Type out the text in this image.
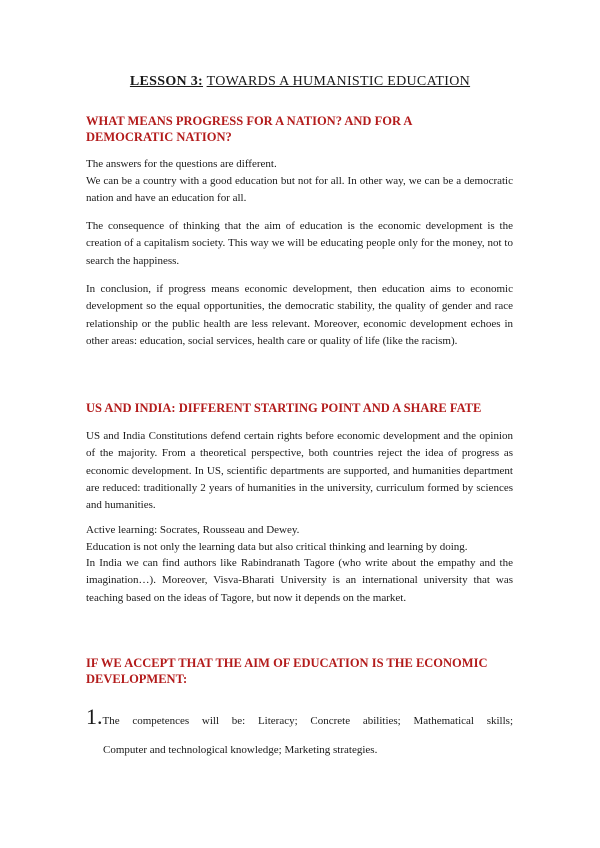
LESSON 3: TOWARDS A HUMANISTIC EDUCATION
WHAT MEANS PROGRESS FOR A NATION? AND FOR A
DEMOCRATIC NATION?
The answers for the questions are different.

We can be a country with a good education but not for all. In other way, we can be a democratic nation and have an education for all.

The consequence of thinking that the aim of education is the economic development is the creation of a capitalism society. This way we will be educating people only for the money, not to search the happiness.

In conclusion, if progress means economic development, then education aims to economic development so the equal opportunities, the democratic stability, the quality of gender and race relationship or the public health are less relevant. Moreover, economic development echoes in other areas: education, social services, health care or quality of life (like the racism).

US AND INDIA: DIFFERENT STARTING POINT AND A SHARE FATE

US and India Constitutions defend certain rights before economic development and the opinion of the majority. From a theoretical perspective, both countries reject the idea of progress as economic development. In US, scientific departments are supported, and humanities department are reduced: traditionally 2 years of humanities in the university, curriculum formed by sciences and humanities.

Active learning: Socrates, Rousseau and Dewey.
Education is not only the learning data but also critical thinking and learning by doing.

In India we can find authors like Rabindranath Tagore (who write about the empathy and the imagination…). Moreover, Visva-Bharati University is an international university that was teaching based on the ideas of Tagore, but now it depends on the market.

IF WE ACCEPT THAT THE AIM OF EDUCATION IS THE ECONOMIC
DEVELOPMENT:
1.The competences will be: Literacy; Concrete abilities; Mathematical skills;
Computer and technological knowledge; Marketing strategies.
